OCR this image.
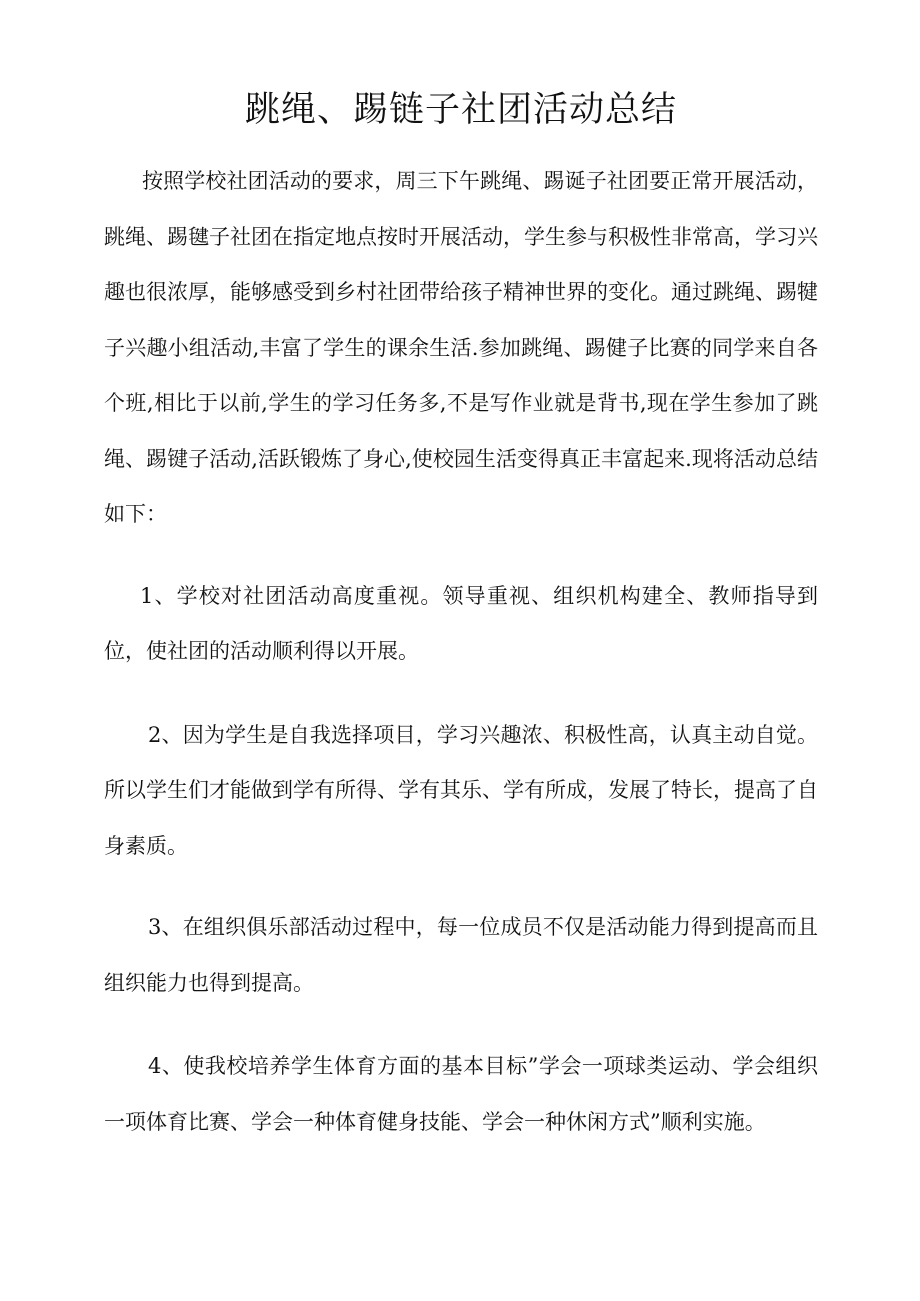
跳绳、踢链子社团活动总结

按照学校社团活动的要求，周三下午跳绳、踢诞子社团要正常开展活动，跳绳、踢毽子社团在指定地点按时开展活动，学生参与积极性非常高，学习兴趣也很浓厚，能够感受到乡村社团带给孩子精神世界的变化。通过跳绳、踢犍子兴趣小组活动,丰富了学生的课余生活.参加跳绳、踢健子比赛的同学来自各个班,相比于以前,学生的学习任务多,不是写作业就是背书,现在学生参加了跳绳、踢键子活动,活跃锻炼了身心,使校园生活变得真正丰富起来.现将活动总结如下：

1、学校对社团活动高度重视。领导重视、组织机构建全、教师指导到位，使社团的活动顺利得以开展。

2、因为学生是自我选择项目，学习兴趣浓、积极性高，认真主动自觉。所以学生们才能做到学有所得、学有其乐、学有所成，发展了特长，提高了自身素质。

3、在组织俱乐部活动过程中，每一位成员不仅是活动能力得到提高而且组织能力也得到提高。

4、使我校培养学生体育方面的基本目标”学会一项球类运动、学会组织一项体育比赛、学会一种体育健身技能、学会一种休闲方式”顺利实施。
